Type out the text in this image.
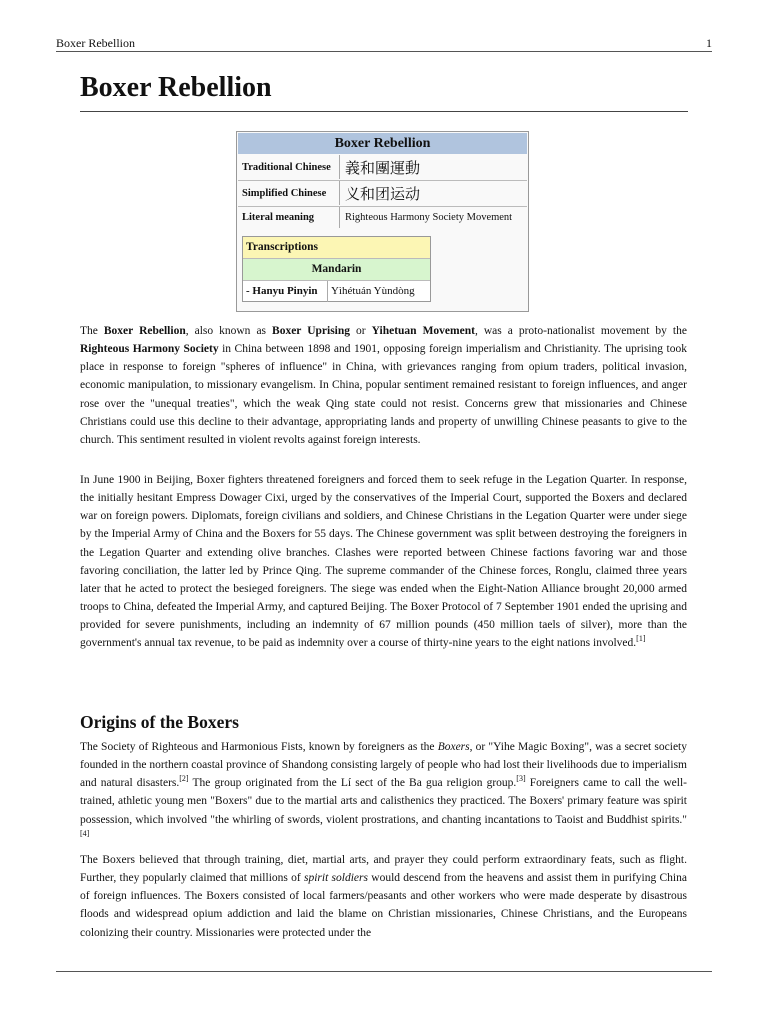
Boxer Rebellion	1
Boxer Rebellion
Boxer Rebellion
Traditional Chinese 義和團運動
Simplified Chinese	义和团运动
Literal meaning	Righteous Harmony Society Movement
Transcriptions
Mandarin
- Hanyu Pinyin	Yìhétuán Yùndòng

The Boxer Rebellion, also known as Boxer Uprising or Yihetuan Movement, was a proto-nationalist movement by the Righteous Harmony Society in China between 1898 and 1901, opposing foreign imperialism and Christianity. The uprising took place in response to foreign "spheres of influence" in China, with grievances ranging from opium traders, political invasion, economic manipulation, to missionary evangelism. In China, popular sentiment remained resistant to foreign influences, and anger rose over the "unequal treaties", which the weak Qing state could not resist. Concerns grew that missionaries and Chinese Christians could use this decline to their advantage, appropriating lands and property of unwilling Chinese peasants to give to the church. This sentiment resulted in violent revolts against foreign interests.

In June 1900 in Beijing, Boxer fighters threatened foreigners and forced them to seek refuge in the Legation Quarter. In response, the initially hesitant Empress Dowager Cixi, urged by the conservatives of the Imperial Court, supported the Boxers and declared war on foreign powers. Diplomats, foreign civilians and soldiers, and Chinese Christians in the Legation Quarter were under siege by the Imperial Army of China and the Boxers for 55 days. The Chinese government was split between destroying the foreigners in the Legation Quarter and extending olive branches. Clashes were reported between Chinese factions favoring war and those favoring conciliation, the latter led by Prince Qing. The supreme commander of the Chinese forces, Ronglu, claimed three years later that he acted to protect the besieged foreigners. The siege was ended when the Eight-Nation Alliance brought 20,000 armed troops to China, defeated the Imperial Army, and captured Beijing. The Boxer Protocol of 7 September 1901 ended the uprising and provided for severe punishments, including an indemnity of 67 million pounds (450 million taels of silver), more than the government's annual tax revenue, to be paid as indemnity over a course of thirty-nine years to the eight nations involved.[1]

Origins of the Boxers

The Society of Righteous and Harmonious Fists, known by foreigners as the Boxers, or "Yihe Magic Boxing", was a secret society founded in the northern coastal province of Shandong consisting largely of people who had lost their livelihoods due to imperialism and natural disasters.[2] The group originated from the Lí sect of the Ba gua religion group.[3] Foreigners came to call the well-trained, athletic young men "Boxers" due to the martial arts and calisthenics they practiced. The Boxers' primary feature was spirit possession, which involved "the whirling of swords, violent prostrations, and chanting incantations to Taoist and Buddhist spirits."[4]

The Boxers believed that through training, diet, martial arts, and prayer they could perform extraordinary feats, such as flight. Further, they popularly claimed that millions of spirit soldiers would descend from the heavens and assist them in purifying China of foreign influences. The Boxers consisted of local farmers/peasants and other workers who were made desperate by disastrous floods and widespread opium addiction and laid the blame on Christian missionaries, Chinese Christians, and the Europeans colonizing their country. Missionaries were protected under the
